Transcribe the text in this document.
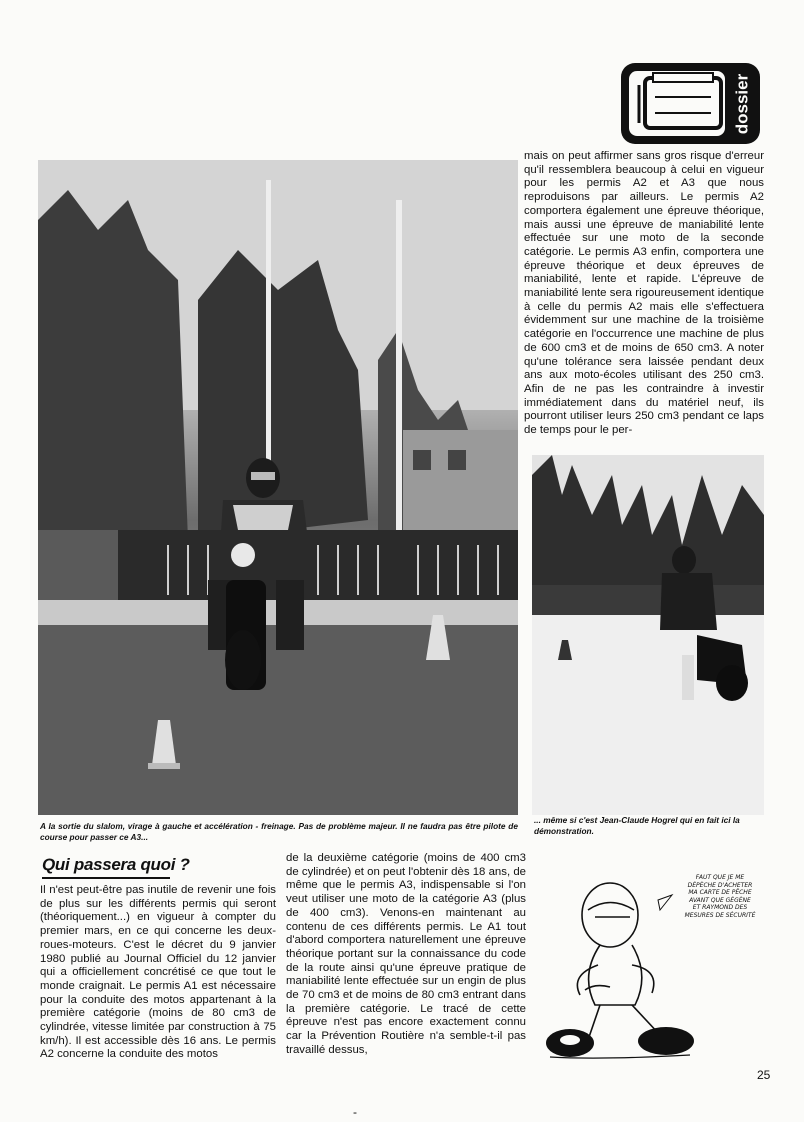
dossier
A la sortie du slalom, virage à gauche et accélération - freinage. Pas de problème majeur. Il ne faudra pas être pilote de course pour passer ce A3...
... même si c'est Jean-Claude Hogrel qui en fait ici la démonstration.

mais on peut affirmer sans gros risque d'erreur qu'il ressemblera beaucoup à celui en vigueur pour les permis A2 et A3 que nous reproduisons par ailleurs. Le permis A2 comportera également une épreuve théorique, mais aussi une épreuve de maniabilité lente effectuée sur une moto de la seconde catégorie. Le permis A3 enfin, comportera une épreuve théorique et deux épreuves de maniabilité, lente et rapide. L'épreuve de maniabilité lente sera rigoureusement identique à celle du permis A2 mais elle s'effectuera évidemment sur une machine de la troisième catégorie en l'occurrence une machine de plus de 600 cm3 et de moins de 650 cm3. A noter qu'une tolérance sera laissée pendant deux ans aux moto-écoles utilisant des 250 cm3. Afin de ne pas les contraindre à investir immédiatement dans du matériel neuf, ils pourront utiliser leurs 250 cm3 pendant ce laps de temps pour le per-

Qui passera quoi ?

Il n'est peut-être pas inutile de revenir une fois de plus sur les différents permis qui seront (théoriquement...) en vigueur à compter du premier mars, en ce qui concerne les deux-roues-moteurs. C'est le décret du 9 janvier 1980 publié au Journal Officiel du 12 janvier qui a officiellement concrétisé ce que tout le monde craignait. Le permis A1 est nécessaire pour la conduite des motos appartenant à la première catégorie (moins de 80 cm3 de cylindrée, vitesse limitée par construction à 75 km/h). Il est accessible dès 16 ans. Le permis A2 concerne la conduite des motos

de la deuxième catégorie (moins de 400 cm3 de cylindrée) et on peut l'obtenir dès 18 ans, de même que le permis A3, indispensable si l'on veut utiliser une moto de la catégorie A3 (plus de 400 cm3). Venons-en maintenant au contenu de ces différents permis. Le A1 tout d'abord comportera naturellement une épreuve théorique portant sur la connaissance du code de la route ainsi qu'une épreuve pratique de maniabilité lente effectuée sur un engin de plus de 70 cm3 et de moins de 80 cm3 entrant dans la première catégorie. Le tracé de cette épreuve n'est pas encore exactement connu car la Prévention Routière n'a semble-t-il pas travaillé dessus,

FAUT QUE JE ME
DÉPÈCHE D'ACHETER
MA CARTE DE PÊCHE
AVANT QUE GÉGÈNE
ET RAYMOND DES
MESURES DE SÉCURITÉ
25
-
